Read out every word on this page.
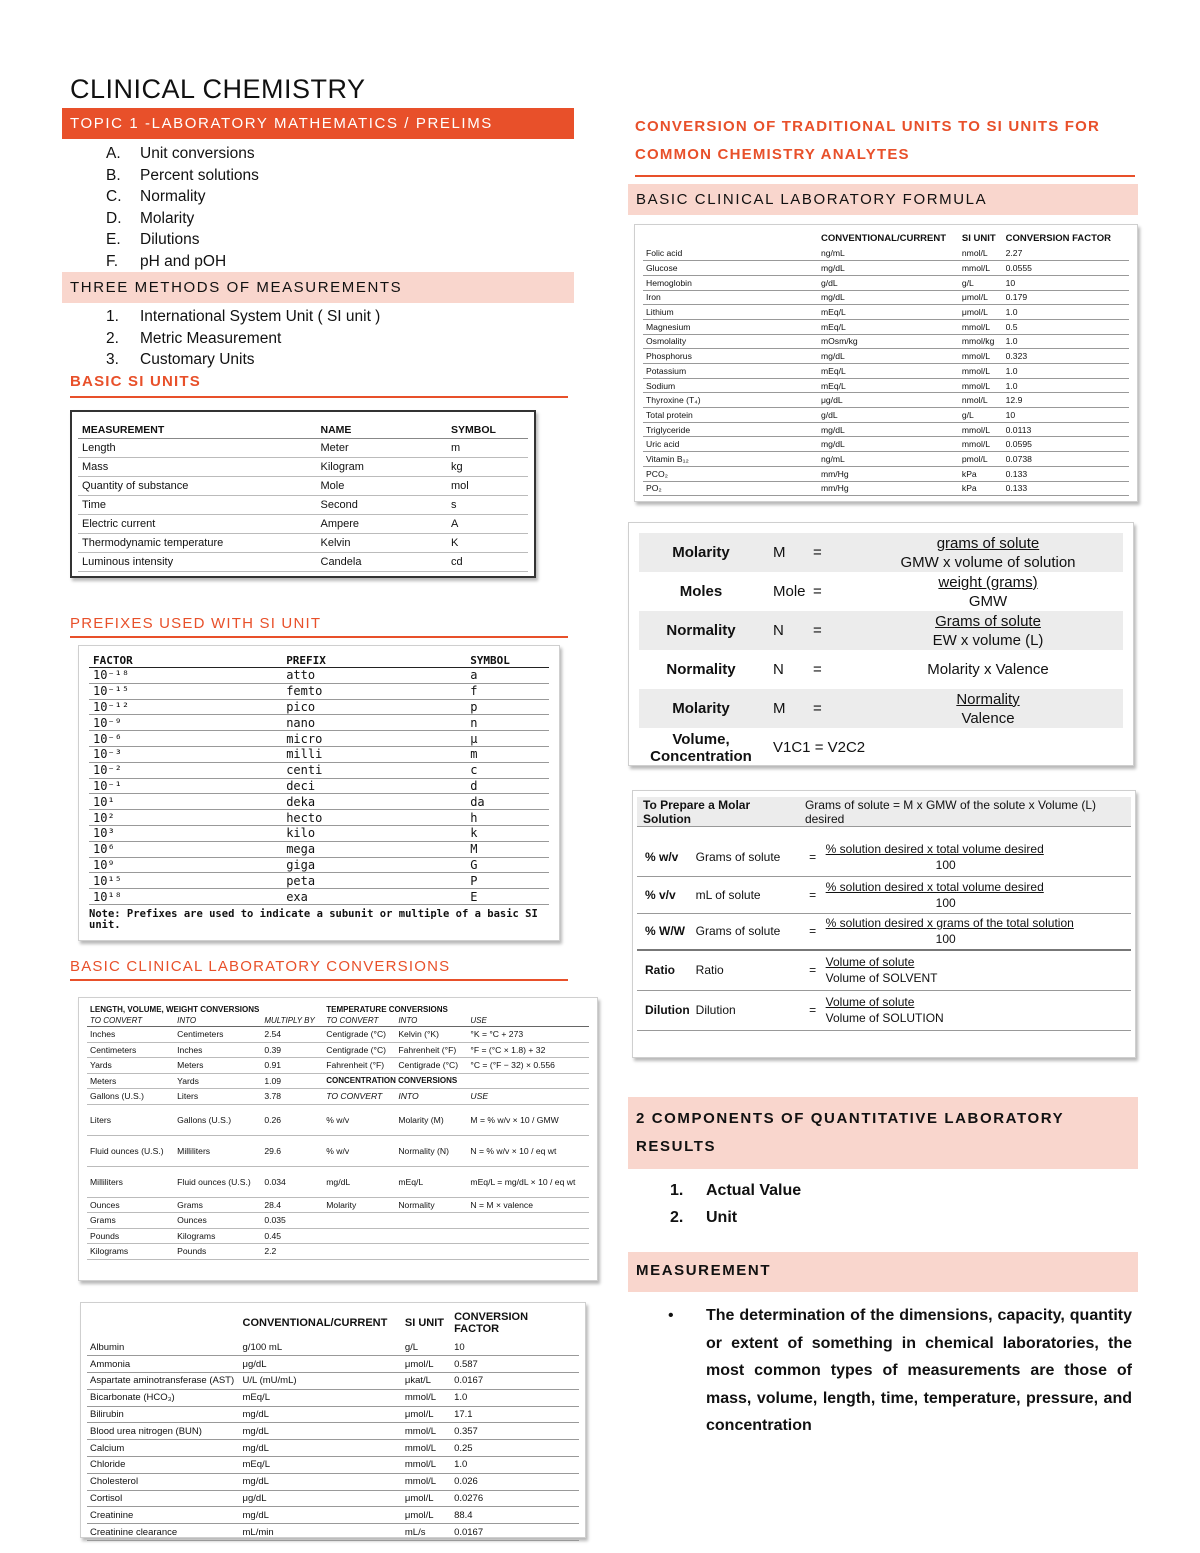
CLINICAL CHEMISTRY
TOPIC 1 -LABORATORY MATHEMATICS / PRELIMS
A.	Unit conversions
B.	Percent solutions
C.	Normality
D.	Molarity
E.	Dilutions
F.	pH and pOH
THREE METHODS OF MEASUREMENTS
1.	International System Unit ( SI unit )
2.	Metric Measurement
3.	Customary Units
BASIC SI UNITS
MEASUREMENT	NAME	SYMBOL
Length	Meter	m
Mass	Kilogram	kg
Quantity of substance	Mole	mol
Time	Second	s
Electric current	Ampere	A
Thermodynamic temperature	Kelvin	K
Luminous intensity	Candela	cd
PREFIXES USED WITH SI UNIT
FACTOR	PREFIX	SYMBOL
10⁻¹⁸	atto	a
10⁻¹⁵	femto	f
10⁻¹²	pico	p
10⁻⁹	nano	n
10⁻⁶	micro	μ
10⁻³	milli	m
10⁻²	centi	c
10⁻¹	deci	d
10¹	deka	da
10²	hecto	h
10³	kilo	k
10⁶	mega	M
10⁹	giga	G
10¹⁵	peta	P
10¹⁸	exa	E
Note: Prefixes are used to indicate a subunit or multiple of a basic SI unit.
BASIC CLINICAL LABORATORY CONVERSIONS
LENGTH, VOLUME, WEIGHT CONVERSIONS			TEMPERATURE CONVERSIONS		
TO CONVERT	INTO	MULTIPLY BY	TO CONVERT	INTO	USE
Inches	Centimeters	2.54	Centigrade (°C)	Kelvin (°K)	°K = °C + 273
Centimeters	Inches	0.39	Centigrade (°C)	Fahrenheit (°F)	°F = (°C × 1.8) + 32
Yards	Meters	0.91	Fahrenheit (°F)	Centigrade (°C)	°C = (°F − 32) × 0.556
Meters	Yards	1.09	CONCENTRATION CONVERSIONS		
Gallons (U.S.)	Liters	3.78	TO CONVERT	INTO	USE
Liters	Gallons (U.S.)	0.26	% w/v	Molarity (M)	M = % w/v × 10 / GMW
Fluid ounces (U.S.)	Milliliters	29.6	% w/v	Normality (N)	N = % w/v × 10 / eq wt
Milliliters	Fluid ounces (U.S.)	0.034	mg/dL	mEq/L	mEq/L = mg/dL × 10 / eq wt
Ounces	Grams	28.4	Molarity	Normality	N = M × valence
Grams	Ounces	0.035			
Pounds	Kilograms	0.45			
Kilograms	Pounds	2.2			
	CONVENTIONAL/CURRENT	SI UNIT	CONVERSION FACTOR
Albumin	g/100 mL	g/L	10
Ammonia	μg/dL	μmol/L	0.587
Aspartate aminotransferase (AST)	U/L (mU/mL)	μkat/L	0.0167
Bicarbonate (HCO₃)	mEq/L	mmol/L	1.0
Bilirubin	mg/dL	μmol/L	17.1
Blood urea nitrogen (BUN)	mg/dL	mmol/L	0.357
Calcium	mg/dL	mmol/L	0.25
Chloride	mEq/L	mmol/L	1.0
Cholesterol	mg/dL	mmol/L	0.026
Cortisol	μg/dL	μmol/L	0.0276
Creatinine	mg/dL	μmol/L	88.4
Creatinine clearance	mL/min	mL/s	0.0167
CONVERSION OF TRADITIONAL UNITS TO SI UNITS FOR COMMON CHEMISTRY ANALYTES
BASIC CLINICAL LABORATORY FORMULA
	CONVENTIONAL/CURRENT	SI UNIT	CONVERSION FACTOR
Folic acid	ng/mL	nmol/L	2.27
Glucose	mg/dL	mmol/L	0.0555
Hemoglobin	g/dL	g/L	10
Iron	mg/dL	μmol/L	0.179
Lithium	mEq/L	μmol/L	1.0
Magnesium	mEq/L	mmol/L	0.5
Osmolality	mOsm/kg	mmol/kg	1.0
Phosphorus	mg/dL	mmol/L	0.323
Potassium	mEq/L	mmol/L	1.0
Sodium	mEq/L	mmol/L	1.0
Thyroxine (T₄)	μg/dL	nmol/L	12.9
Total protein	g/dL	g/L	10
Triglyceride	mg/dL	mmol/L	0.0113
Uric acid	mg/dL	mmol/L	0.0595
Vitamin B₁₂	ng/mL	pmol/L	0.0738
PCO₂	mm/Hg	kPa	0.133
PO₂	mm/Hg	kPa	0.133
Molarity	M	=	grams of solute
GMW x volume of solution

Moles	Mole	=	weight (grams)
GMW

Normality	N	=	Grams of solute
EW x volume (L)

Normality	N	=	Molarity x Valence

Molarity	M	=	Normality
Valence

Volume, Concentration	V1C1 = V2C2		
To Prepare a Molar Solution
Grams of solute = M x GMW of the solute x Volume (L) desired
% w/v	Grams of solute	=	% solution desired x total volume desired
100

% v/v	mL of solute	=	% solution desired x total volume desired
100

% W/W	Grams of solute	=	% solution desired x grams of the total solution
100

Ratio	Ratio	=	Volume of solute
Volume of SOLVENT

Dilution	Dilution	=	Volume of solute
Volume of SOLUTION
2 COMPONENTS OF QUANTITATIVE LABORATORY RESULTS
1.	Actual Value
2.	Unit
MEASUREMENT
• The determination of the dimensions, capacity, quantity or extent of something in chemical laboratories, the most common types of measurements are those of mass, volume, length, time, temperature, pressure, and concentration
